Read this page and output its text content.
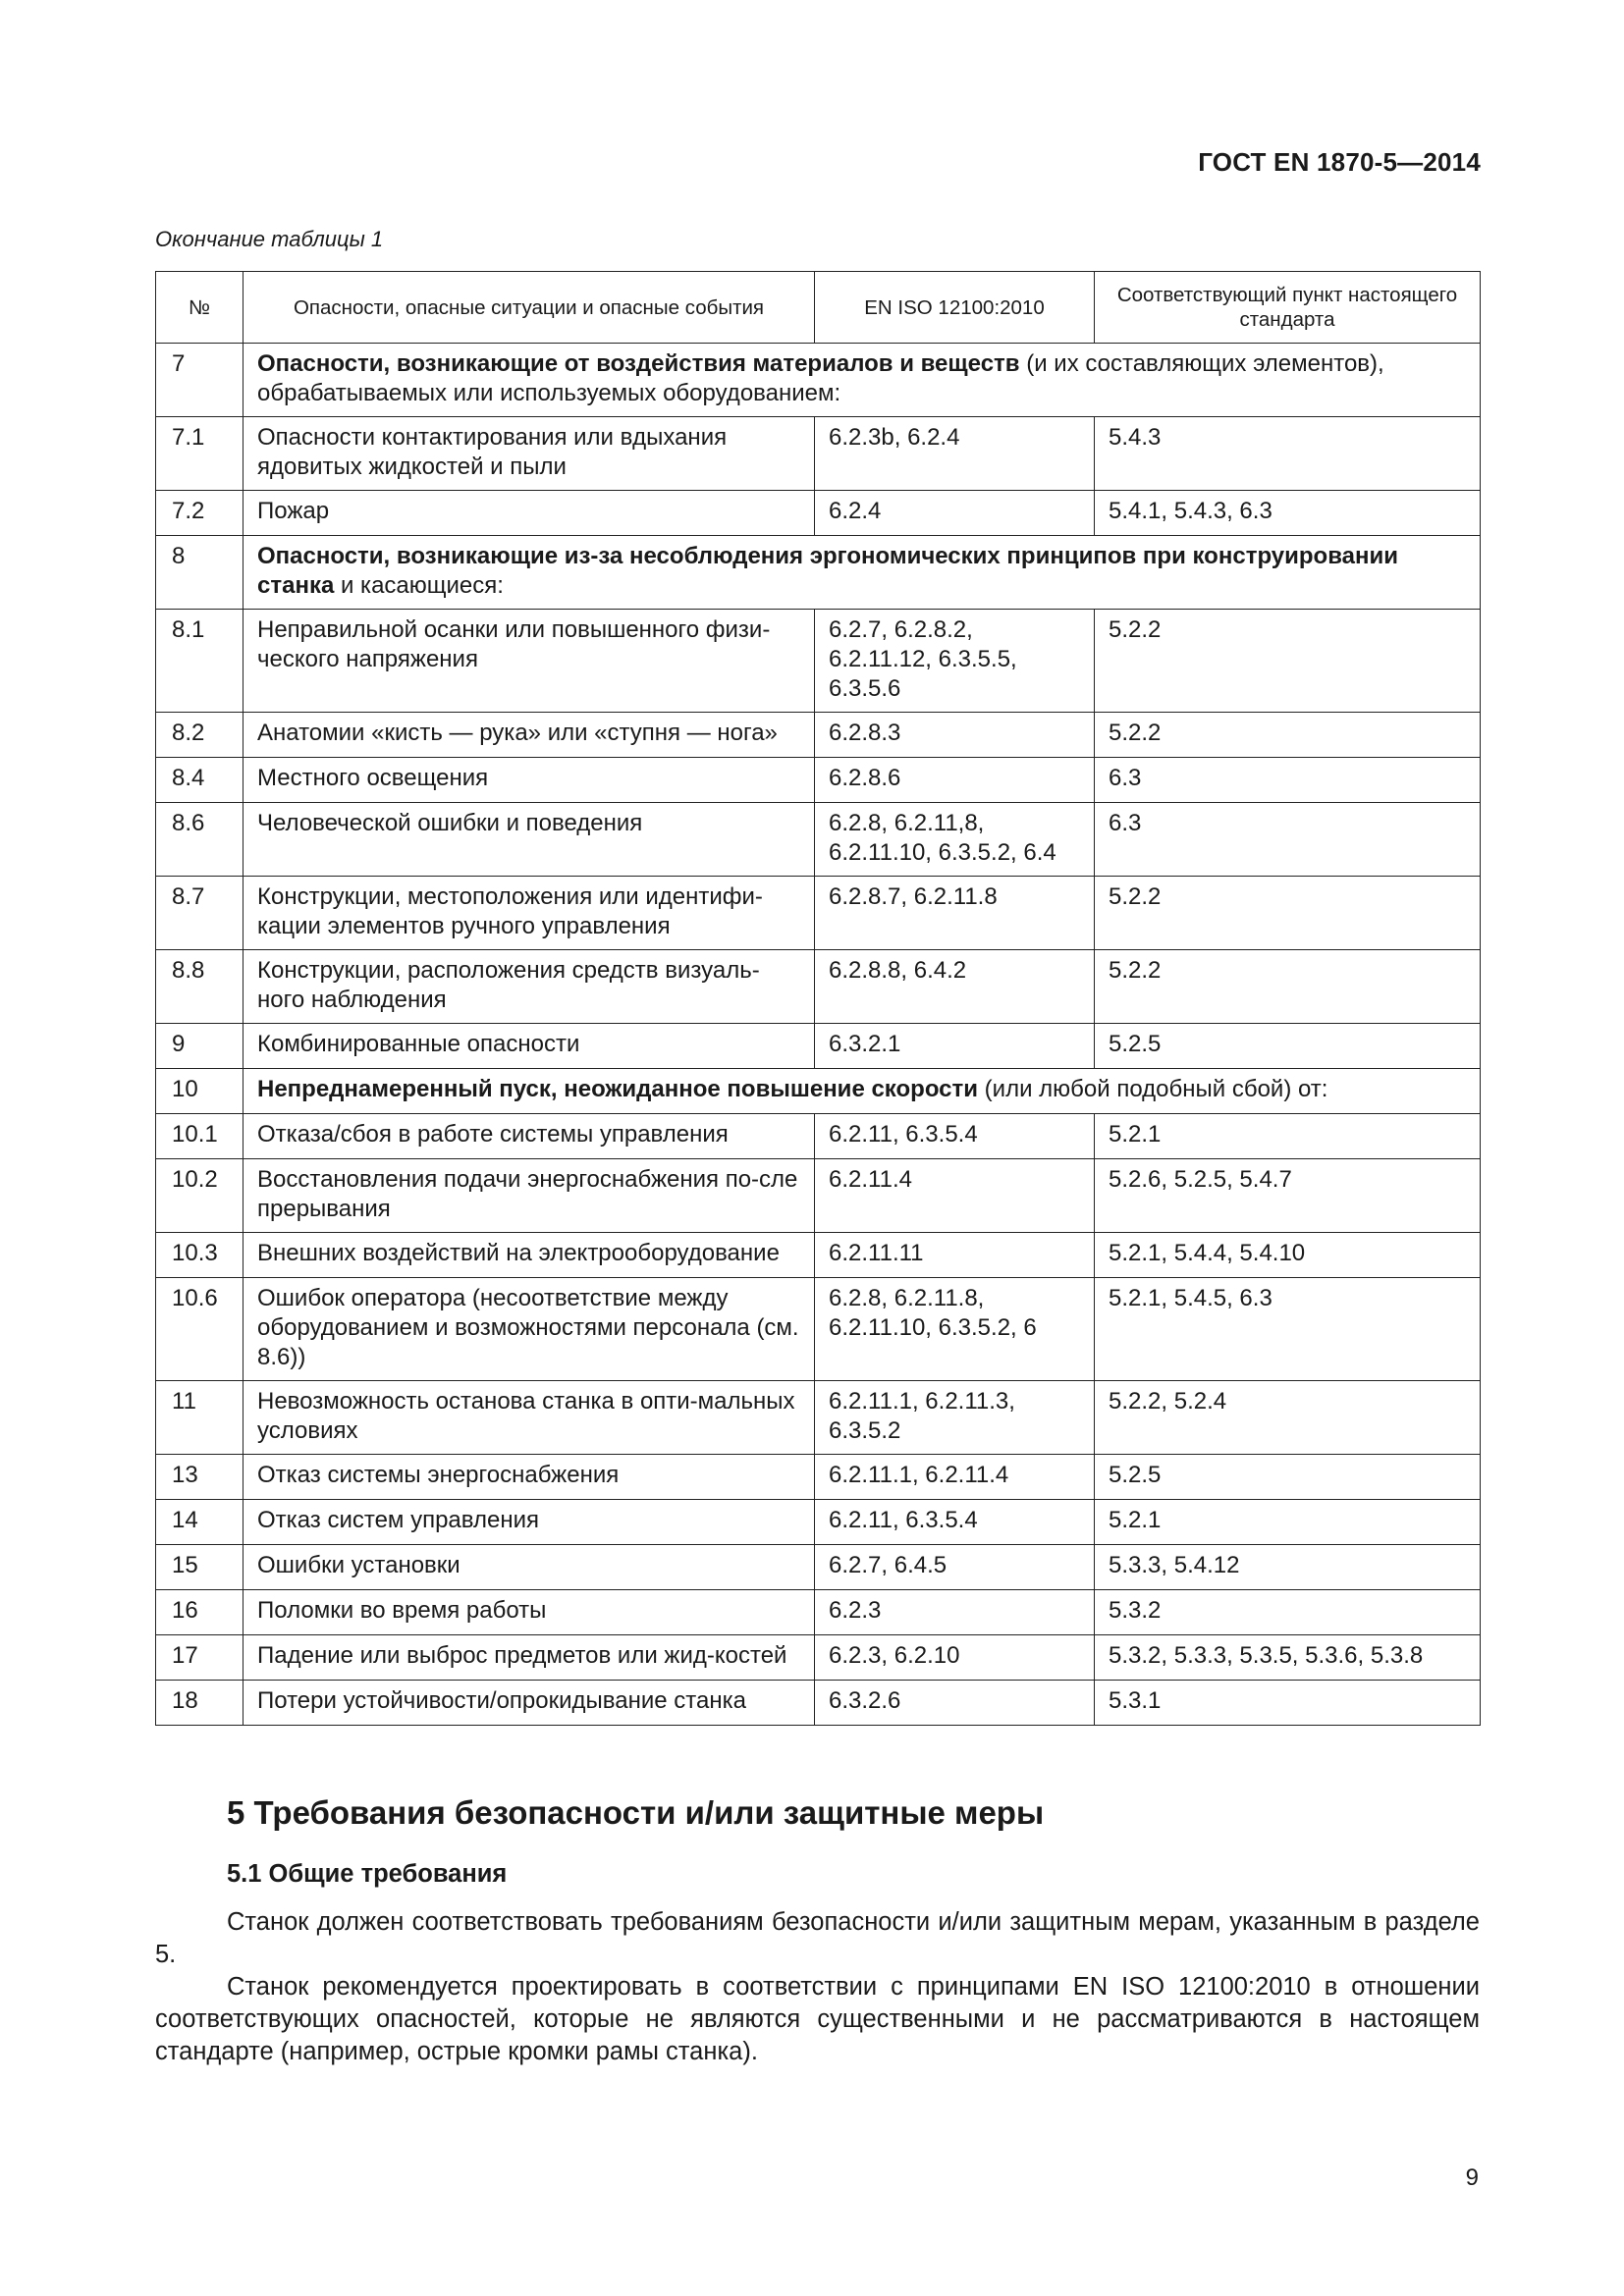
ГОСТ EN 1870-5—2014
Окончание таблицы 1
№	Опасности, опасные ситуации и опасные события	EN ISO 12100:2010	Соответствующий пункт настоящего стандарта
7	Опасности, возникающие от воздействия материалов и веществ (и их составляющих элементов), обрабатываемых или используемых оборудованием:		
7.1	Опасности контактирования или вдыхания ядовитых жидкостей и пыли	6.2.3b, 6.2.4	5.4.3
7.2	Пожар	6.2.4	5.4.1, 5.4.3, 6.3
8	Опасности, возникающие из-за несоблюдения эргономических принципов при конструировании станка и касающиеся:		
8.1	Неправильной осанки или повышенного физи-ческого напряжения	6.2.7, 6.2.8.2, 6.2.11.12, 6.3.5.5, 6.3.5.6	5.2.2
8.2	Анатомии «кисть — рука» или «ступня — нога»	6.2.8.3	5.2.2
8.4	Местного освещения	6.2.8.6	6.3
8.6	Человеческой ошибки и поведения	6.2.8, 6.2.11,8, 6.2.11.10, 6.3.5.2, 6.4	6.3
8.7	Конструкции, местоположения или идентифи-кации элементов ручного управления	6.2.8.7, 6.2.11.8	5.2.2
8.8	Конструкции, расположения средств визуаль-ного наблюдения	6.2.8.8, 6.4.2	5.2.2
9	Комбинированные опасности	6.3.2.1	5.2.5
10	Непреднамеренный пуск, неожиданное повышение скорости (или любой подобный сбой) от:		
10.1	Отказа/сбоя в работе системы управления	6.2.11, 6.3.5.4	5.2.1
10.2	Восстановления подачи энергоснабжения по-сле прерывания	6.2.11.4	5.2.6, 5.2.5, 5.4.7
10.3	Внешних воздействий на электрооборудование	6.2.11.11	5.2.1, 5.4.4, 5.4.10
10.6	Ошибок оператора (несоответствие между оборудованием и возможностями персонала (см. 8.6))	6.2.8, 6.2.11.8, 6.2.11.10, 6.3.5.2, 6	5.2.1, 5.4.5, 6.3
11	Невозможность останова станка в опти-мальных условиях	6.2.11.1, 6.2.11.3, 6.3.5.2	5.2.2, 5.2.4
13	Отказ системы энергоснабжения	6.2.11.1, 6.2.11.4	5.2.5
14	Отказ систем управления	6.2.11, 6.3.5.4	5.2.1
15	Ошибки установки	6.2.7, 6.4.5	5.3.3, 5.4.12
16	Поломки во время работы	6.2.3	5.3.2
17	Падение или выброс предметов или жид-костей	6.2.3, 6.2.10	5.3.2, 5.3.3, 5.3.5, 5.3.6, 5.3.8
18	Потери устойчивости/опрокидывание станка	6.3.2.6	5.3.1
5 Требования безопасности и/или защитные меры
5.1 Общие требования
Станок должен соответствовать требованиям безопасности и/или защитным мерам, указанным в разделе 5.
Станок рекомендуется проектировать в соответствии с принципами EN ISO 12100:2010 в отношении соответствующих опасностей, которые не являются существенными и не рассматриваются в настоящем стандарте (например, острые кромки рамы станка).
9
